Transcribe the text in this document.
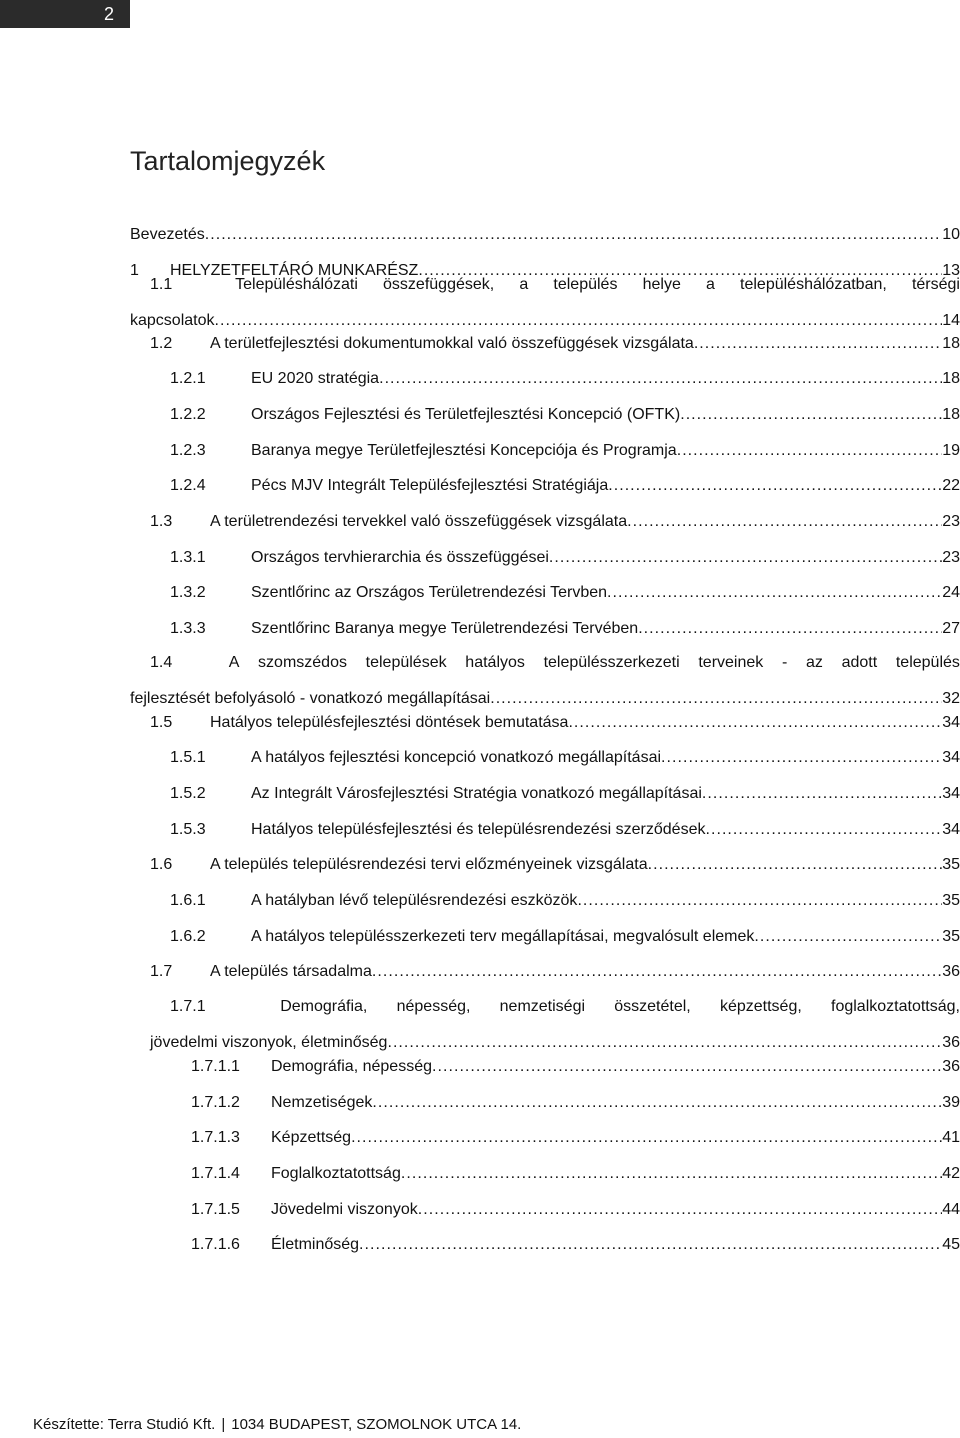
2
Tartalomjegyzék
Bevezetés . . .	10
1	HELYZETFELTÁRÓ MUNKARÉSZ . . .	13
1.1	Településhálózati összefüggések, a település helye a településhálózatban, térségi
kapcsolatok . . .	14
1.2	A területfejlesztési dokumentumokkal való összefüggések vizsgálata . . .	18
1.2.1	EU 2020 stratégia . . .	18
1.2.2	Országos Fejlesztési és Területfejlesztési Koncepció (OFTK) . . .	18
1.2.3	Baranya megye Területfejlesztési Koncepciója és Programja . . .	19
1.2.4	Pécs MJV Integrált Településfejlesztési Stratégiája . . .	22
1.3	A területrendezési tervekkel való összefüggések vizsgálata . . .	23
1.3.1	Országos tervhierarchia és összefüggései . . .	23
1.3.2	Szentlőrinc az Országos Területrendezési Tervben . . .	24
1.3.3	Szentlőrinc Baranya megye Területrendezési Tervében . . .	27
1.4	A szomszédos települések hatályos településszerkezeti terveinek - az adott település
fejlesztését befolyásoló - vonatkozó megállapításai . . .	32
1.5	Hatályos településfejlesztési döntések bemutatása . . .	34
1.5.1	A hatályos fejlesztési koncepció vonatkozó megállapításai . . .	34
1.5.2	Az Integrált Városfejlesztési Stratégia vonatkozó megállapításai . . .	34
1.5.3	Hatályos településfejlesztési és településrendezési szerződések . . .	34
1.6	A település településrendezési tervi előzményeinek vizsgálata . . .	35
1.6.1	A hatályban lévő településrendezési eszközök . . .	35
1.6.2	A hatályos településszerkezeti terv megállapításai, megvalósult elemek . . .	35
1.7	A település társadalma . . .	36
1.7.1	Demográfia, népesség, nemzetiségi összetétel, képzettség, foglalkoztatottság,
jövedelmi viszonyok, életminőség . . .	36
1.7.1.1	Demográfia, népesség . . .	36
1.7.1.2	Nemzetiségek . . .	39
1.7.1.3	Képzettség . . .	41
1.7.1.4	Foglalkoztatottság . . .	42
1.7.1.5	Jövedelmi viszonyok . . .	44
1.7.1.6	Életminőség . . .	45
Készítette: Terra Studió Kft. | 1034 BUDAPEST, SZOMOLNOK UTCA 14.
